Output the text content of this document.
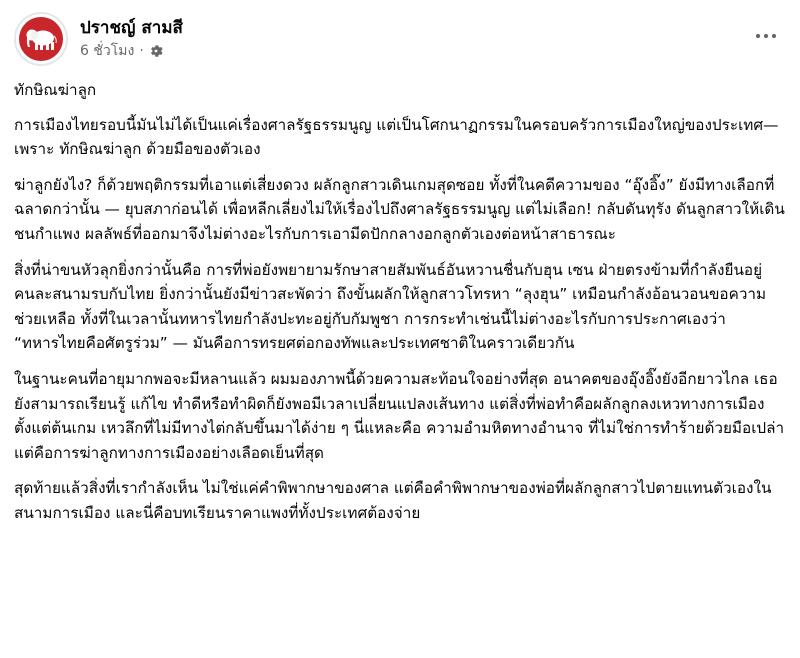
ปราชญ์ สามสี
6 ชั่วโมง ·

ทักษิณฆ่าลูก

การเมืองไทยรอบนี้มันไม่ได้เป็นแค่เรื่องศาลรัฐธรรมนูญ แต่เป็นโศกนาฏกรรมในครอบครัวการเมืองใหญ่ของประเทศ—เพราะ ทักษิณฆ่าลูก ด้วยมือของตัวเอง

ฆ่าลูกยังไง? ก็ด้วยพฤติกรรมที่เอาแต่เสี่ยงดวง ผลักลูกสาวเดินเกมสุดซอย ทั้งที่ในคดีความของ “อุ๊งอิ๊ง” ยังมีทางเลือกที่ฉลาดกว่านั้น — ยุบสภาก่อนได้ เพื่อหลีกเลี่ยงไม่ให้เรื่องไปถึงศาลรัฐธรรมนูญ แต่ไม่เลือก! กลับดันทุรัง ดันลูกสาวให้เดินชนกำแพง ผลลัพธ์ที่ออกมาจึงไม่ต่างอะไรกับการเอามีดปักกลางอกลูกตัวเองต่อหน้าสาธารณะ

สิ่งที่น่าขนหัวลุกยิ่งกว่านั้นคือ การที่พ่อยังพยายามรักษาสายสัมพันธ์อันหวานชื่นกับฮุน เซน ฝ่ายตรงข้ามที่กำลังยืนอยู่คนละสนามรบกับไทย ยิ่งกว่านั้นยังมีข่าวสะพัดว่า ถึงขั้นผลักให้ลูกสาวโทรหา “ลุงฮุน” เหมือนกำลังอ้อนวอนขอความช่วยเหลือ ทั้งที่ในเวลานั้นทหารไทยกำลังปะทะอยู่กับกัมพูชา การกระทำเช่นนี้ไม่ต่างอะไรกับการประกาศเองว่า “ทหารไทยคือศัตรูร่วม” — มันคือการทรยศต่อกองทัพและประเทศชาติในคราวเดียวกัน

ในฐานะคนที่อายุมากพอจะมีหลานแล้ว ผมมองภาพนี้ด้วยความสะท้อนใจอย่างที่สุด อนาคตของอุ๊งอิ๊งยังอีกยาวไกล เธอยังสามารถเรียนรู้ แก้ไข ทำดีหรือทำผิดก็ยังพอมีเวลาเปลี่ยนแปลงเส้นทาง แต่สิ่งที่พ่อทำคือผลักลูกลงเหวทางการเมืองตั้งแต่ต้นเกม เหวลึกที่ไม่มีทางไต่กลับขึ้นมาได้ง่าย ๆ นี่แหละคือ ความอำมหิตทางอำนาจ ที่ไม่ใช่การทำร้ายด้วยมือเปล่า แต่คือการฆ่าลูกทางการเมืองอย่างเลือดเย็นที่สุด

สุดท้ายแล้วสิ่งที่เรากำลังเห็น ไม่ใช่แค่คำพิพากษาของศาล แต่คือคำพิพากษาของพ่อที่ผลักลูกสาวไปตายแทนตัวเองในสนามการเมือง และนี่คือบทเรียนราคาแพงที่ทั้งประเทศต้องจ่าย
